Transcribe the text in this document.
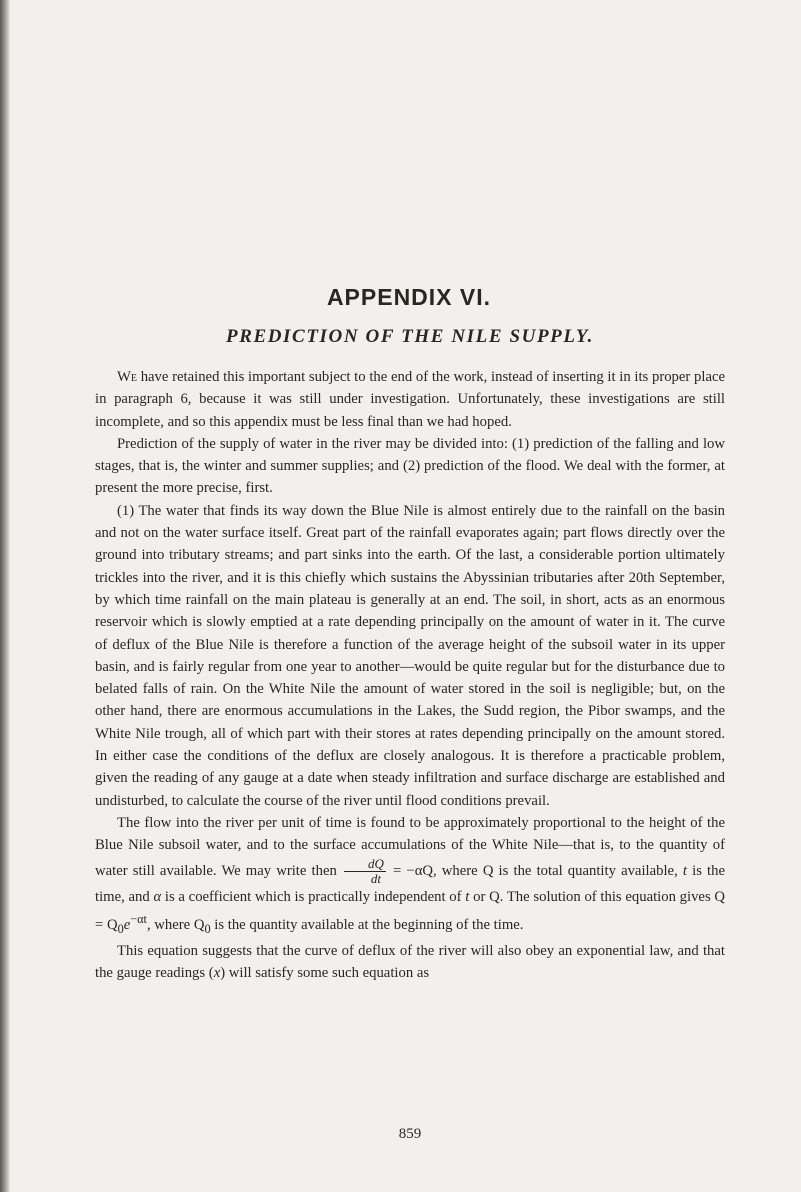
APPENDIX VI.
PREDICTION OF THE NILE SUPPLY.

We have retained this important subject to the end of the work, instead of inserting it in its proper place in paragraph 6, because it was still under investigation. Unfortunately, these investigations are still incomplete, and so this appendix must be less final than we had hoped.

Prediction of the supply of water in the river may be divided into: (1) prediction of the falling and low stages, that is, the winter and summer supplies; and (2) prediction of the flood. We deal with the former, at present the more precise, first.

(1) The water that finds its way down the Blue Nile is almost entirely due to the rainfall on the basin and not on the water surface itself. Great part of the rainfall evaporates again; part flows directly over the ground into tributary streams; and part sinks into the earth. Of the last, a considerable portion ultimately trickles into the river, and it is this chiefly which sustains the Abyssinian tributaries after 20th September, by which time rainfall on the main plateau is generally at an end. The soil, in short, acts as an enormous reservoir which is slowly emptied at a rate depending principally on the amount of water in it. The curve of deflux of the Blue Nile is therefore a function of the average height of the subsoil water in its upper basin, and is fairly regular from one year to another—would be quite regular but for the disturbance due to belated falls of rain. On the White Nile the amount of water stored in the soil is negligible; but, on the other hand, there are enormous accumulations in the Lakes, the Sudd region, the Pibor swamps, and the White Nile trough, all of which part with their stores at rates depending principally on the amount stored. In either case the conditions of the deflux are closely analogous. It is therefore a practicable problem, given the reading of any gauge at a date when steady infiltration and surface discharge are established and undisturbed, to calculate the course of the river until flood conditions prevail.

The flow into the river per unit of time is found to be approximately proportional to the height of the Blue Nile subsoil water, and to the surface accumulations of the White Nile—that is, to the quantity of water still available. We may write then $\frac{dQ}{dt} = -\alpha Q$, where Q is the total quantity available, t is the time, and α is a coefficient which is practically independent of t or Q. The solution of this equation gives $Q = Q_0e^{-\alpha t}$, where $Q_0$ is the quantity available at the beginning of the time.

This equation suggests that the curve of deflux of the river will also obey an exponential law, and that the gauge readings (x) will satisfy some such equation as

859
